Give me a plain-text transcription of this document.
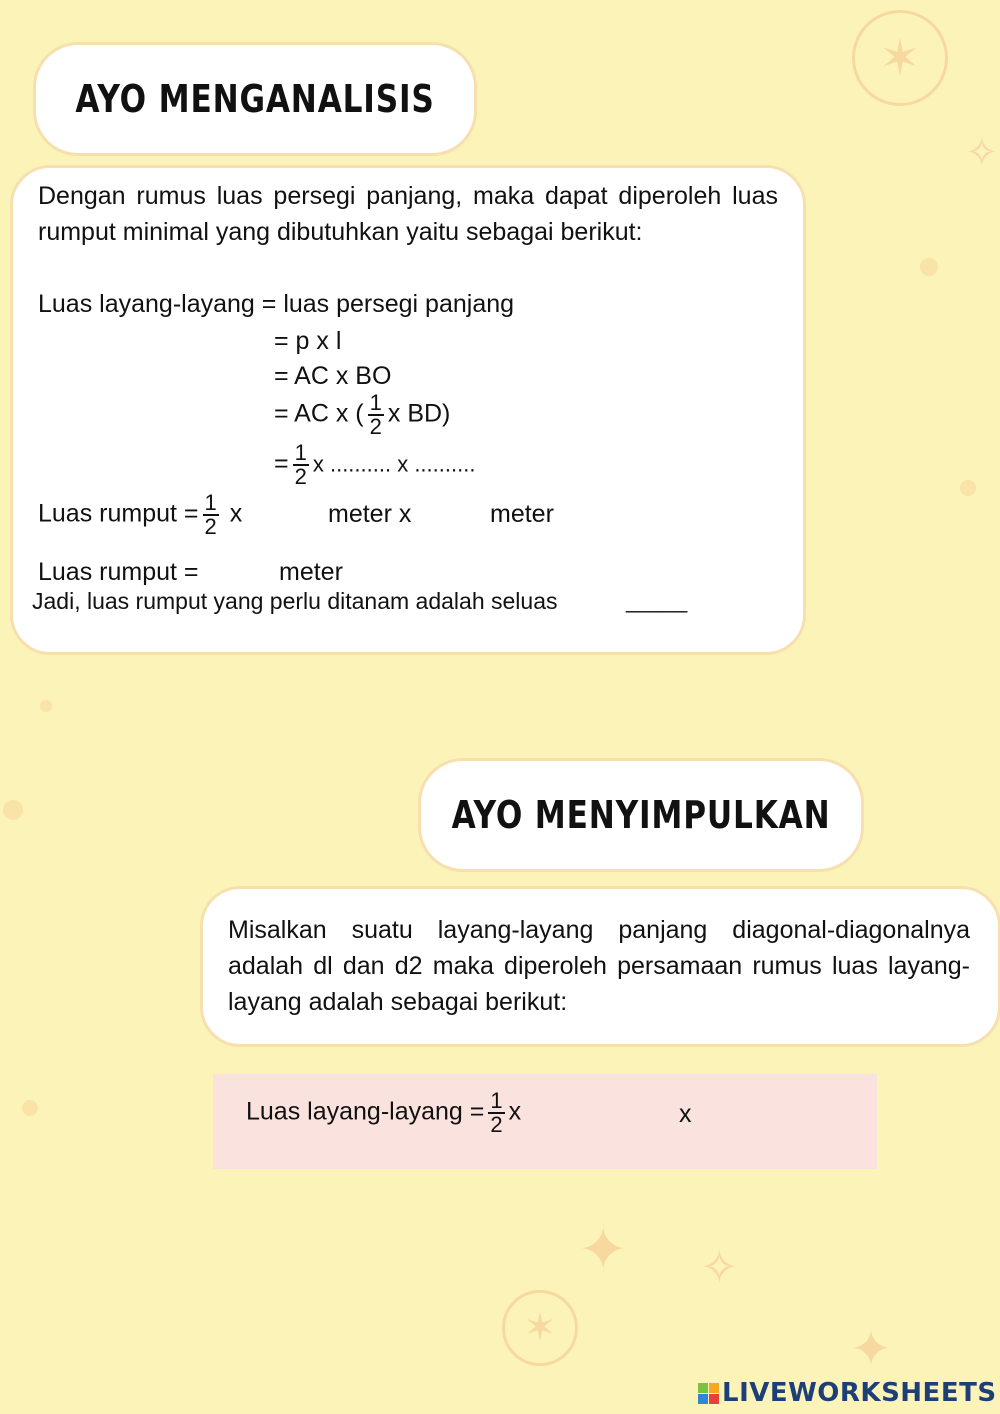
✶
✶
✦ ✧
✦
✧
AYO MENGANALISIS
Dengan rumus luas persegi panjang, maka dapat diperoleh luas rumput minimal yang dibutuhkan yaitu sebagai berikut:
Luas layang-layang = luas persegi panjang
= p x l
= AC x BO
= AC x ( $\frac{1}{2}$ x BD)
= $\frac{1}{2}$ x .......... x ..........
Luas rumput = $\frac{1}{2}$ x	meter x	meter
Luas rumput =	meter
Jadi, luas rumput yang perlu ditanam adalah seluas	_____
AYO MENYIMPULKAN
Misalkan suatu layang-layang panjang diagonal-diagonalnya adalah dl dan d2 maka diperoleh persamaan rumus luas layang-layang adalah sebagai berikut:
Luas layang-layang = $\frac{1}{2}$ x	x
LIVEWORKSHEETS
